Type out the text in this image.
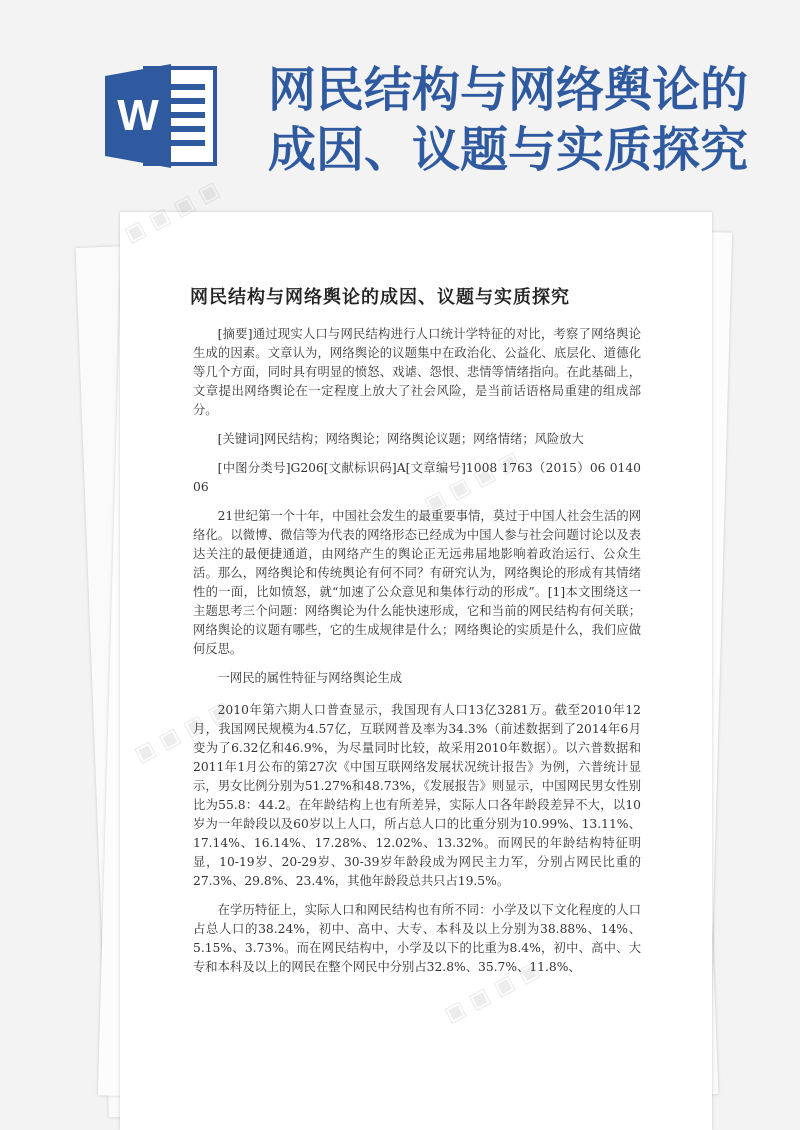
W 网民结构与网络舆论的
成因、议题与实质探究
网民结构与网络舆论的成因、议题与实质探究

[摘要]通过现实人口与网民结构进行人口统计学特征的对比，考察了网络舆论生成的因素。文章认为，网络舆论的议题集中在政治化、公益化、底层化、道德化等几个方面，同时具有明显的愤怒、戏谑、怨恨、悲情等情绪指向。在此基础上，文章提出网络舆论在一定程度上放大了社会风险，是当前话语格局重建的组成部分。

[关键词]网民结构；网络舆论；网络舆论议题；网络情绪；风险放大

[中图分类号]G206[文献标识码]A[文章编号]1008 1763（2015）06 0140 06

21世纪第一个十年，中国社会发生的最重要事情，莫过于中国人社会生活的网络化。以微博、微信等为代表的网络形态已经成为中国人参与社会问题讨论以及表达关注的最便捷通道，由网络产生的舆论正无远弗届地影响着政治运行、公众生活。那么，网络舆论和传统舆论有何不同？有研究认为，网络舆论的形成有其情绪性的一面，比如愤怒，就“加速了公众意见和集体行动的形成”。[1]本文围绕这一主题思考三个问题：网络舆论为什么能快速形成，它和当前的网民结构有何关联；网络舆论的议题有哪些，它的生成规律是什么；网络舆论的实质是什么，我们应做何反思。

一网民的属性特征与网络舆论生成

2010年第六期人口普查显示，我国现有人口13亿3281万。截至2010年12月，我国网民规模为4.57亿，互联网普及率为34.3%（前述数据到了2014年6月变为了6.32亿和46.9%，为尽量同时比较，故采用2010年数据）。以六普数据和2011年1月公布的第27次《中国互联网络发展状况统计报告》为例，六普统计显示，男女比例分别为51.27%和48.73%，《发展报告》则显示，中国网民男女性别比为55.8：44.2。在年龄结构上也有所差异，实际人口各年龄段差异不大，以10岁为一年龄段以及60岁以上人口，所占总人口的比重分别为10.99%、13.11%、17.14%、16.14%、17.28%、12.02%、13.32%。而网民的年龄结构特征明显，10-19岁、20-29岁、30-39岁年龄段成为网民主力军，分别占网民比重的27.3%、29.8%、23.4%，其他年龄段总共只占19.5%。

在学历特征上，实际人口和网民结构也有所不同：小学及以下文化程度的人口占总人口的38.24%，初中、高中、大专、本科及以上分别为38.88%、14%、5.15%、3.73%。而在网民结构中，小学及以下的比重为8.4%，初中、高中、大专和本科及以上的网民在整个网民中分别占32.8%、35.7%、11.8%、
